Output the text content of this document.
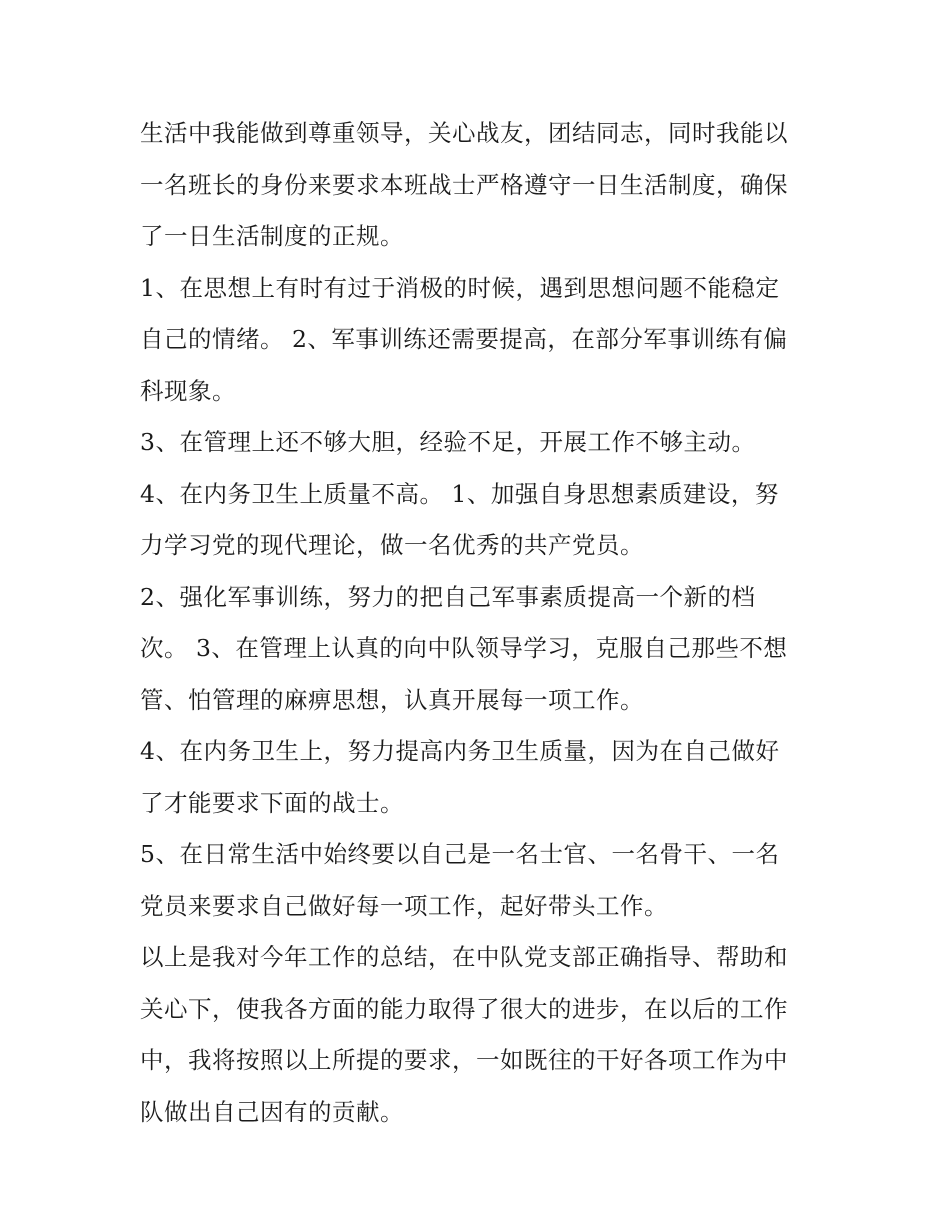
生活中我能做到尊重领导，关心战友，团结同志，同时我能以
一名班长的身份来要求本班战士严格遵守一日生活制度，确保
了一日生活制度的正规。
1、在思想上有时有过于消极的时候，遇到思想问题不能稳定
自己的情绪。 2、军事训练还需要提高，在部分军事训练有偏
科现象。
3、在管理上还不够大胆，经验不足，开展工作不够主动。
4、在内务卫生上质量不高。 1、加强自身思想素质建设，努
力学习党的现代理论，做一名优秀的共产党员。
2、强化军事训练，努力的把自己军事素质提高一个新的档
次。 3、在管理上认真的向中队领导学习，克服自己那些不想
管、怕管理的麻痹思想，认真开展每一项工作。
4、在内务卫生上，努力提高内务卫生质量，因为在自己做好
了才能要求下面的战士。
5、在日常生活中始终要以自己是一名士官、一名骨干、一名
党员来要求自己做好每一项工作，起好带头工作。
以上是我对今年工作的总结，在中队党支部正确指导、帮助和
关心下，使我各方面的能力取得了很大的进步，在以后的工作
中，我将按照以上所提的要求，一如既往的干好各项工作为中
队做出自己因有的贡献。
